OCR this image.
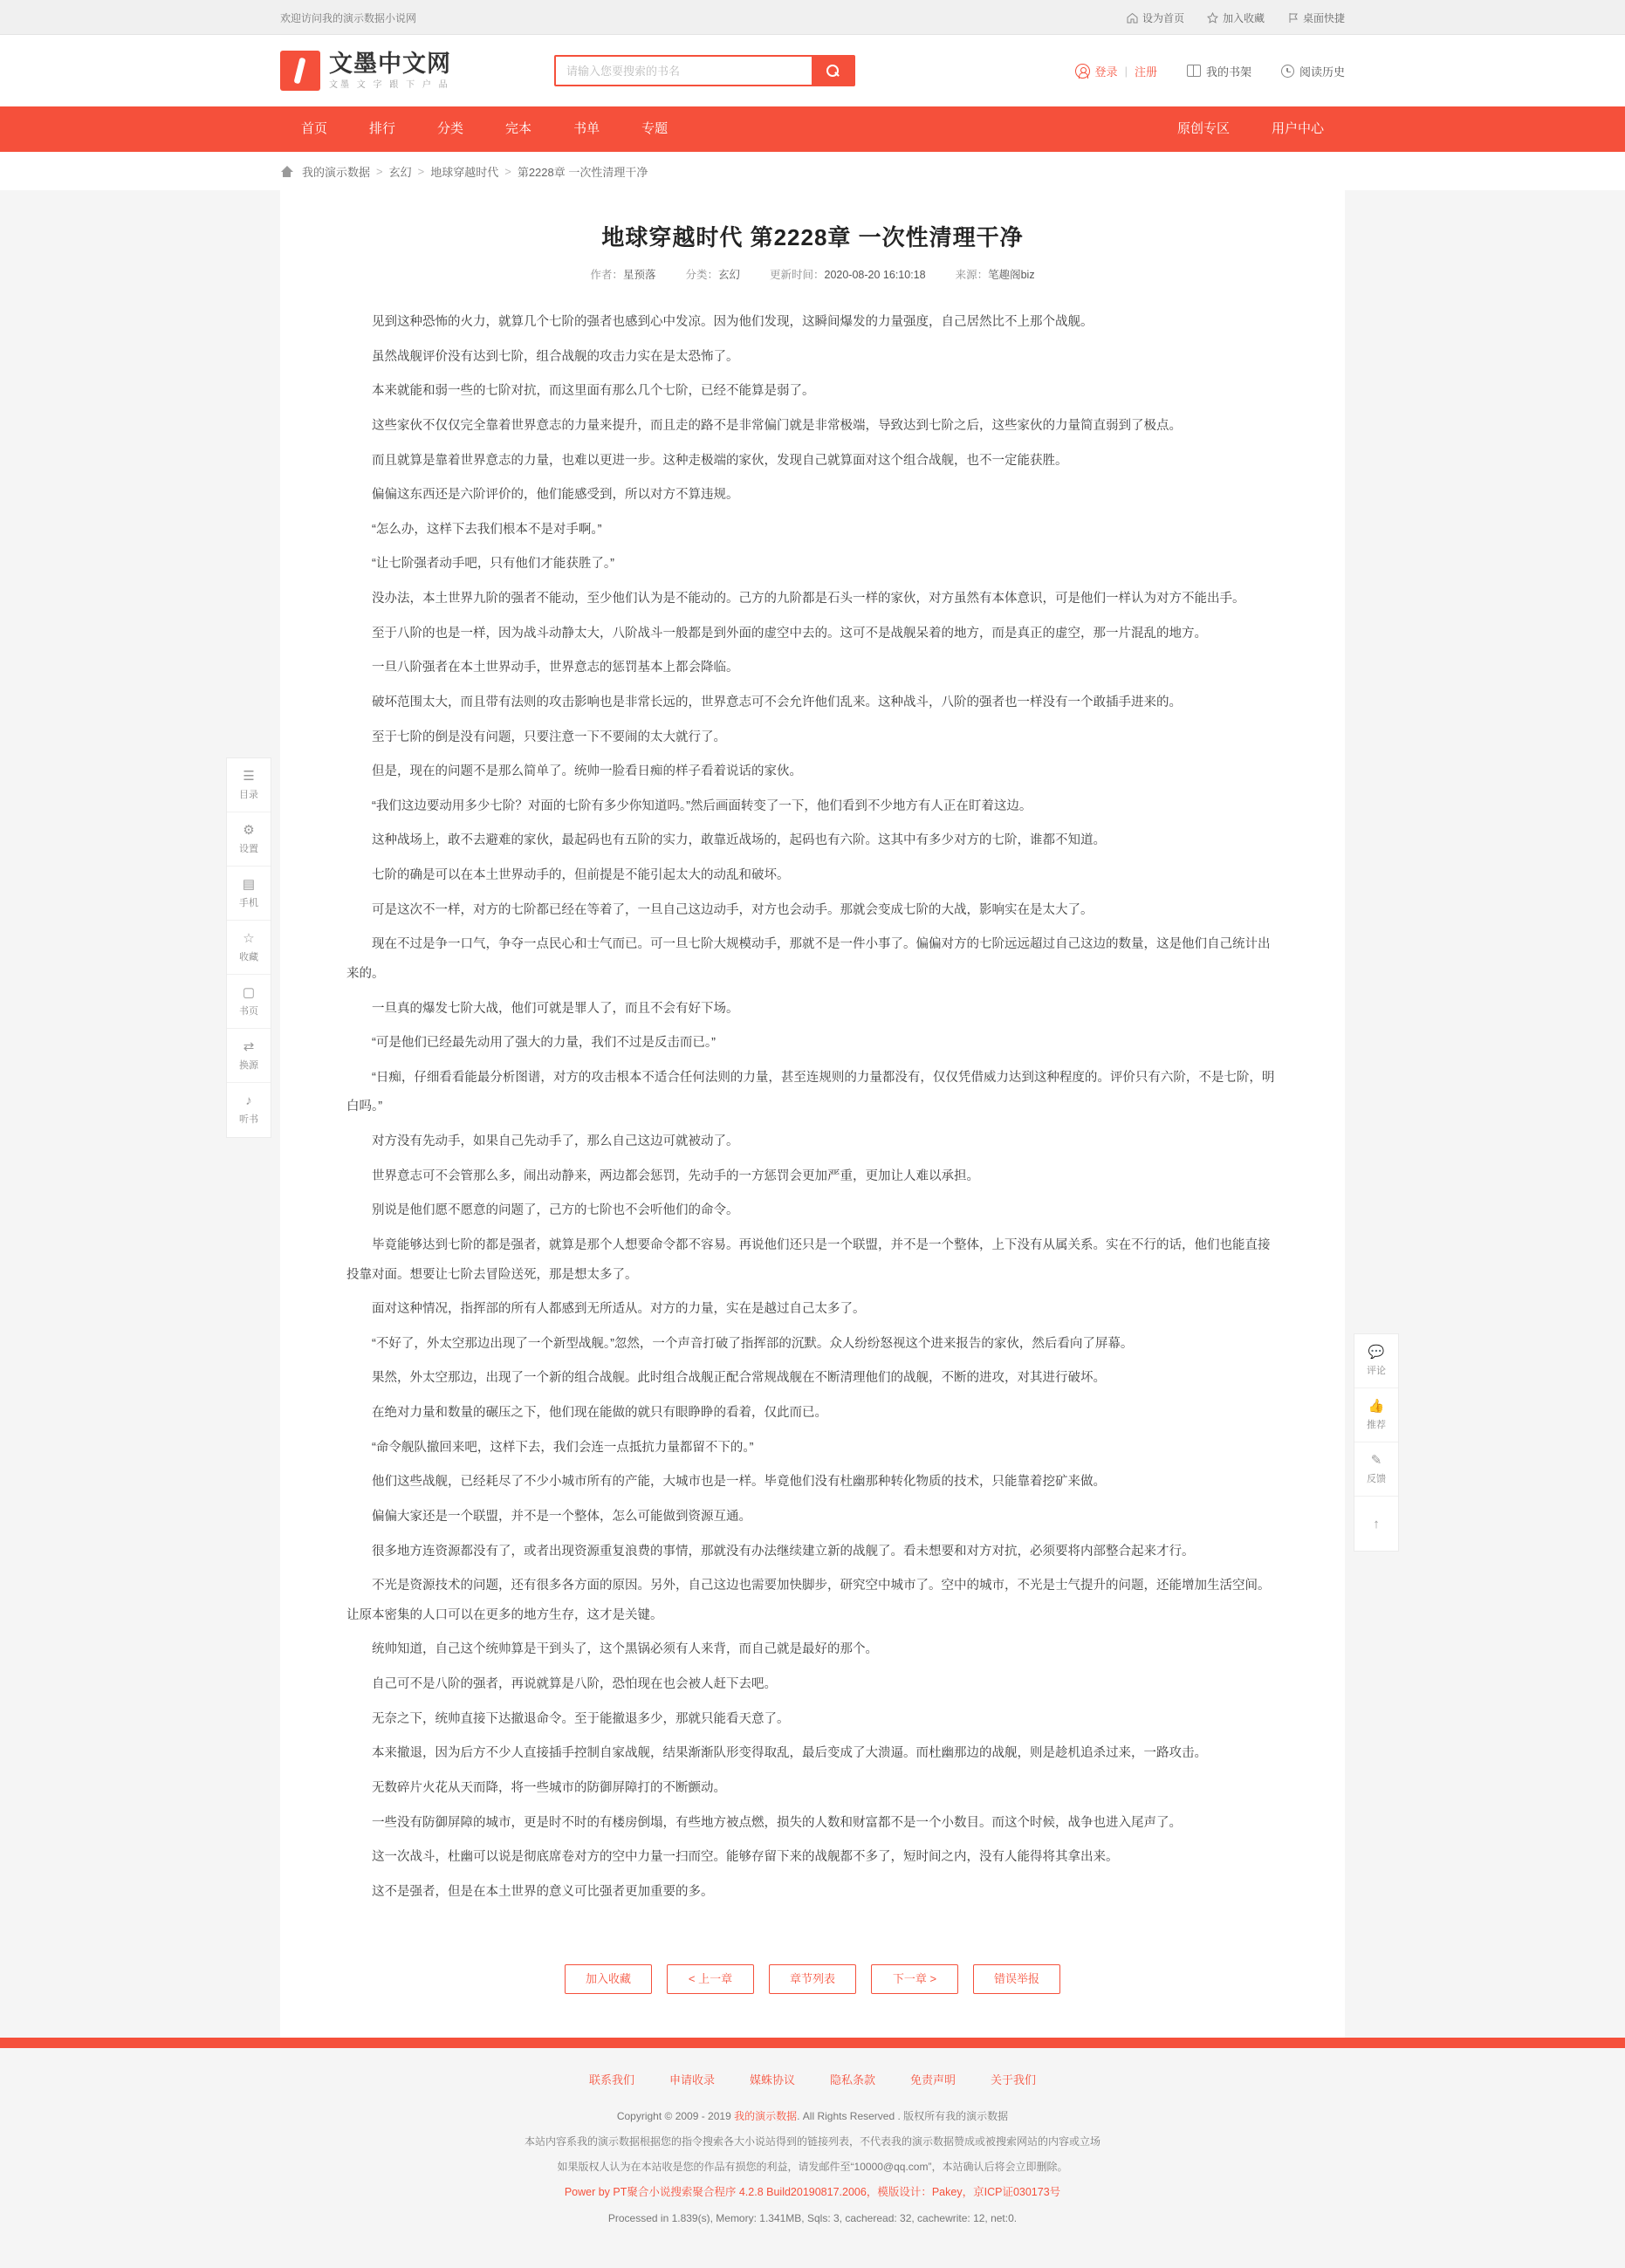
欢迎访问我的演示数据小说网	设为首页	加入收藏	桌面快捷
文墨中文网
文墨 文 字 跟 下 户 品
请输入您要搜索的书名
登录 | 注册	我的书架	阅读历史
首页	排行	分类	完本	书单	专题	原创专区	用户中心
我的演示数据 > 玄幻 > 地球穿越时代 > 第2228章 一次性清理干净
☰
目录
⚙
设置
▤
手机
☆
收藏
▢
书页
⇄
换源
♪
听书
💬
评论
👍
推荐
✎
反馈
↑
地球穿越时代 第2228章 一次性清理干净
作者：星预落	分类：玄幻	更新时间：2020-08-20 16:10:18	来源：笔趣阁biz

见到这种恐怖的火力，就算几个七阶的强者也感到心中发凉。因为他们发现，这瞬间爆发的力量强度，自己居然比不上那个战舰。

虽然战舰评价没有达到七阶，组合战舰的攻击力实在是太恐怖了。

本来就能和弱一些的七阶对抗，而这里面有那么几个七阶，已经不能算是弱了。

这些家伙不仅仅完全靠着世界意志的力量来提升，而且走的路不是非常偏门就是非常极端，导致达到七阶之后，这些家伙的力量简直弱到了极点。

而且就算是靠着世界意志的力量，也难以更进一步。这种走极端的家伙，发现自己就算面对这个组合战舰，也不一定能获胜。

偏偏这东西还是六阶评价的，他们能感受到，所以对方不算违规。

“怎么办，这样下去我们根本不是对手啊。”

“让七阶强者动手吧，只有他们才能获胜了。”

没办法，本土世界九阶的强者不能动，至少他们认为是不能动的。己方的九阶都是石头一样的家伙，对方虽然有本体意识，可是他们一样认为对方不能出手。

至于八阶的也是一样，因为战斗动静太大，八阶战斗一般都是到外面的虚空中去的。这可不是战舰呆着的地方，而是真正的虚空，那一片混乱的地方。

一旦八阶强者在本土世界动手，世界意志的惩罚基本上都会降临。

破坏范围太大，而且带有法则的攻击影响也是非常长远的，世界意志可不会允许他们乱来。这种战斗，八阶的强者也一样没有一个敢插手进来的。

至于七阶的倒是没有问题，只要注意一下不要闹的太大就行了。

但是，现在的问题不是那么简单了。统帅一脸看日痴的样子看着说话的家伙。

“我们这边要动用多少七阶？对面的七阶有多少你知道吗。”然后画面转变了一下，他们看到不少地方有人正在盯着这边。

这种战场上，敢不去避难的家伙，最起码也有五阶的实力，敢靠近战场的，起码也有六阶。这其中有多少对方的七阶，谁都不知道。

七阶的确是可以在本土世界动手的，但前提是不能引起太大的动乱和破坏。

可是这次不一样，对方的七阶都已经在等着了，一旦自己这边动手，对方也会动手。那就会变成七阶的大战，影响实在是太大了。

现在不过是争一口气，争夺一点民心和士气而已。可一旦七阶大规模动手，那就不是一件小事了。偏偏对方的七阶远远超过自己这边的数量，这是他们自己统计出来的。

一旦真的爆发七阶大战，他们可就是罪人了，而且不会有好下场。

“可是他们已经最先动用了强大的力量，我们不过是反击而已。”

“日痴，仔细看看能最分析图谱，对方的攻击根本不适合任何法则的力量，甚至连规则的力量都没有，仅仅凭借威力达到这种程度的。评价只有六阶，不是七阶，明白吗。”

对方没有先动手，如果自己先动手了，那么自己这边可就被动了。

世界意志可不会管那么多，闹出动静来，两边都会惩罚，先动手的一方惩罚会更加严重，更加让人难以承担。

别说是他们愿不愿意的问题了，己方的七阶也不会听他们的命令。

毕竟能够达到七阶的都是强者，就算是那个人想要命令都不容易。再说他们还只是一个联盟，并不是一个整体，上下没有从属关系。实在不行的话，他们也能直接投靠对面。想要让七阶去冒险送死，那是想太多了。

面对这种情况，指挥部的所有人都感到无所适从。对方的力量，实在是越过自己太多了。

“不好了，外太空那边出现了一个新型战舰。”忽然，一个声音打破了指挥部的沉默。众人纷纷怒视这个进来报告的家伙，然后看向了屏幕。

果然，外太空那边，出现了一个新的组合战舰。此时组合战舰正配合常规战舰在不断清理他们的战舰，不断的进攻，对其进行破坏。

在绝对力量和数量的碾压之下，他们现在能做的就只有眼睁睁的看着，仅此而已。

“命令舰队撤回来吧，这样下去，我们会连一点抵抗力量都留不下的。”

他们这些战舰，已经耗尽了不少小城市所有的产能，大城市也是一样。毕竟他们没有杜幽那种转化物质的技术，只能靠着挖矿来做。

偏偏大家还是一个联盟，并不是一个整体，怎么可能做到资源互通。

很多地方连资源都没有了，或者出现资源重复浪费的事情，那就没有办法继续建立新的战舰了。看未想要和对方对抗，必须要将内部整合起来才行。

不光是资源技术的问题，还有很多各方面的原因。另外，自己这边也需要加快脚步，研究空中城市了。空中的城市，不光是士气提升的问题，还能增加生活空间。让原本密集的人口可以在更多的地方生存，这才是关键。

统帅知道，自己这个统帅算是干到头了，这个黑锅必须有人来背，而自己就是最好的那个。

自己可不是八阶的强者，再说就算是八阶，恐怕现在也会被人赶下去吧。

无奈之下，统帅直接下达撤退命令。至于能撤退多少，那就只能看天意了。

本来撤退，因为后方不少人直接插手控制自家战舰，结果渐渐队形变得取乱，最后变成了大溃逼。而杜幽那边的战舰，则是趁机追杀过来，一路攻击。

无数碎片火花从天而降，将一些城市的防御屏障打的不断颤动。

一些没有防御屏障的城市，更是时不时的有楼房倒塌，有些地方被点燃，损失的人数和财富都不是一个小数目。而这个时候，战争也进入尾声了。

这一次战斗，杜幽可以说是彻底席卷对方的空中力量一扫而空。能够存留下来的战舰都不多了，短时间之内，没有人能得将其拿出来。

这不是强者，但是在本土世界的意义可比强者更加重要的多。

加入收藏	< 上一章	章节列表	下一章 >	错误举报
联系我们	申请收录	媒蛛协议	隐私条款	免责声明	关于我们

Copyright © 2009 - 2019 我的演示数据. All Rights Reserved . 版权所有我的演示数据

本站内容系我的演示数据根据您的指令搜索各大小说站得到的链接列表，不代表我的演示数据赞成或被搜索网站的内容或立场

如果版权人认为在本站收是您的作品有损您的利益，请发邮件至“10000@qq.com”，本站确认后将会立即删除。

Power by PT聚合小说搜索聚合程序 4.2.8 Build20190817.2006，模版设计：Pakey，京ICP证030173号

Processed in 1.839(s), Memory: 1.341MB, Sqls: 3, cacheread: 32, cachewrite: 12, net:0.
